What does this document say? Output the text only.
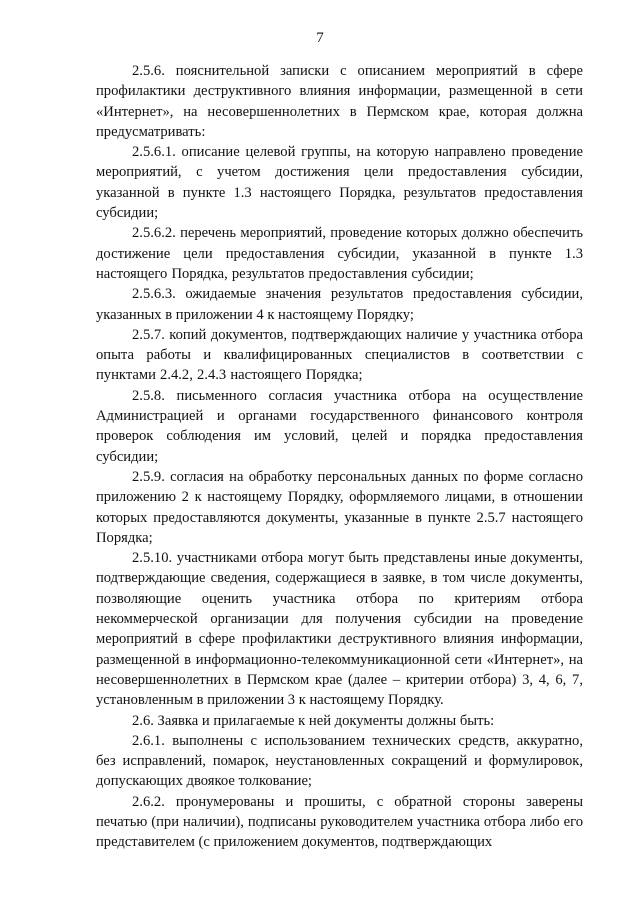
7

2.5.6. пояснительной записки с описанием мероприятий в сфере профилактики деструктивного влияния информации, размещенной в сети «Интернет», на несовершеннолетних в Пермском крае, которая должна предусматривать:

2.5.6.1. описание целевой группы, на которую направлено проведение мероприятий, с учетом достижения цели предоставления субсидии, указанной в пункте 1.3 настоящего Порядка, результатов предоставления субсидии;

2.5.6.2. перечень мероприятий, проведение которых должно обеспечить достижение цели предоставления субсидии, указанной в пункте 1.3 настоящего Порядка, результатов предоставления субсидии;

2.5.6.3. ожидаемые значения результатов предоставления субсидии, указанных в приложении 4 к настоящему Порядку;

2.5.7. копий документов, подтверждающих наличие у участника отбора опыта работы и квалифицированных специалистов в соответствии с пунктами 2.4.2, 2.4.3 настоящего Порядка;

2.5.8. письменного согласия участника отбора на осуществление Администрацией и органами государственного финансового контроля проверок соблюдения им условий, целей и порядка предоставления субсидии;

2.5.9. согласия на обработку персональных данных по форме согласно приложению 2 к настоящему Порядку, оформляемого лицами, в отношении которых предоставляются документы, указанные в пункте 2.5.7 настоящего Порядка;

2.5.10. участниками отбора могут быть представлены иные документы, подтверждающие сведения, содержащиеся в заявке, в том числе документы, позволяющие оценить участника отбора по критериям отбора некоммерческой организации для получения субсидии на проведение мероприятий в сфере профилактики деструктивного влияния информации, размещенной в информационно-телекоммуникационной сети «Интернет», на несовершеннолетних в Пермском крае (далее – критерии отбора) 3, 4, 6, 7, установленным в приложении 3 к настоящему Порядку.

2.6. Заявка и прилагаемые к ней документы должны быть:

2.6.1. выполнены с использованием технических средств, аккуратно, без исправлений, помарок, неустановленных сокращений и формулировок, допускающих двоякое толкование;

2.6.2. пронумерованы и прошиты, с обратной стороны заверены печатью (при наличии), подписаны руководителем участника отбора либо его представителем (с приложением документов, подтверждающих
